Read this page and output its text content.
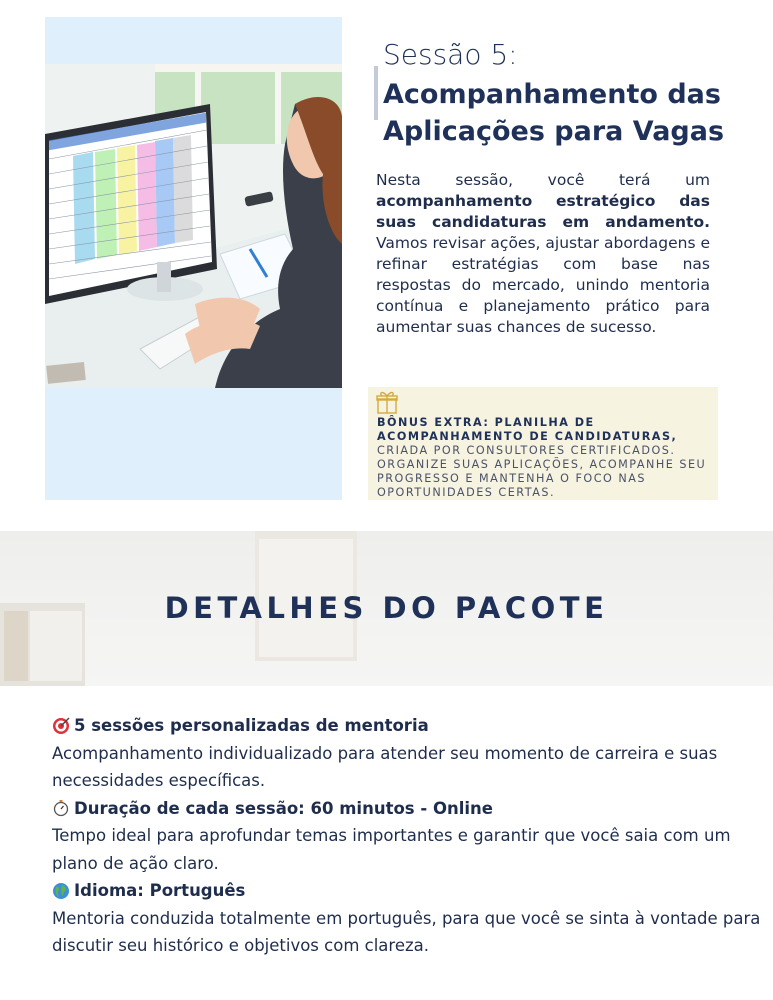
Sessão 5:
Acompanhamento das
Aplicações para Vagas
Nesta sessão, você terá um acompanhamento estratégico das suas candidaturas em andamento. Vamos revisar ações, ajustar abordagens e refinar estratégias com base nas respostas do mercado, unindo mentoria contínua e planejamento prático para aumentar suas chances de sucesso.
BÔNUS EXTRA: PLANILHA DE ACOMPANHAMENTO DE CANDIDATURAS, CRIADA POR CONSULTORES CERTIFICADOS. ORGANIZE SUAS APLICAÇÕES, ACOMPANHE SEU PROGRESSO E MANTENHA O FOCO NAS OPORTUNIDADES CERTAS.
DETALHES DO PACOTE
5 sessões personalizadas de mentoria
Acompanhamento individualizado para atender seu momento de carreira e suas necessidades específicas.
Duração de cada sessão: 60 minutos - Online
Tempo ideal para aprofundar temas importantes e garantir que você saia com um plano de ação claro.
Idioma: Português
Mentoria conduzida totalmente em português, para que você se sinta à vontade para discutir seu histórico e objetivos com clareza.
